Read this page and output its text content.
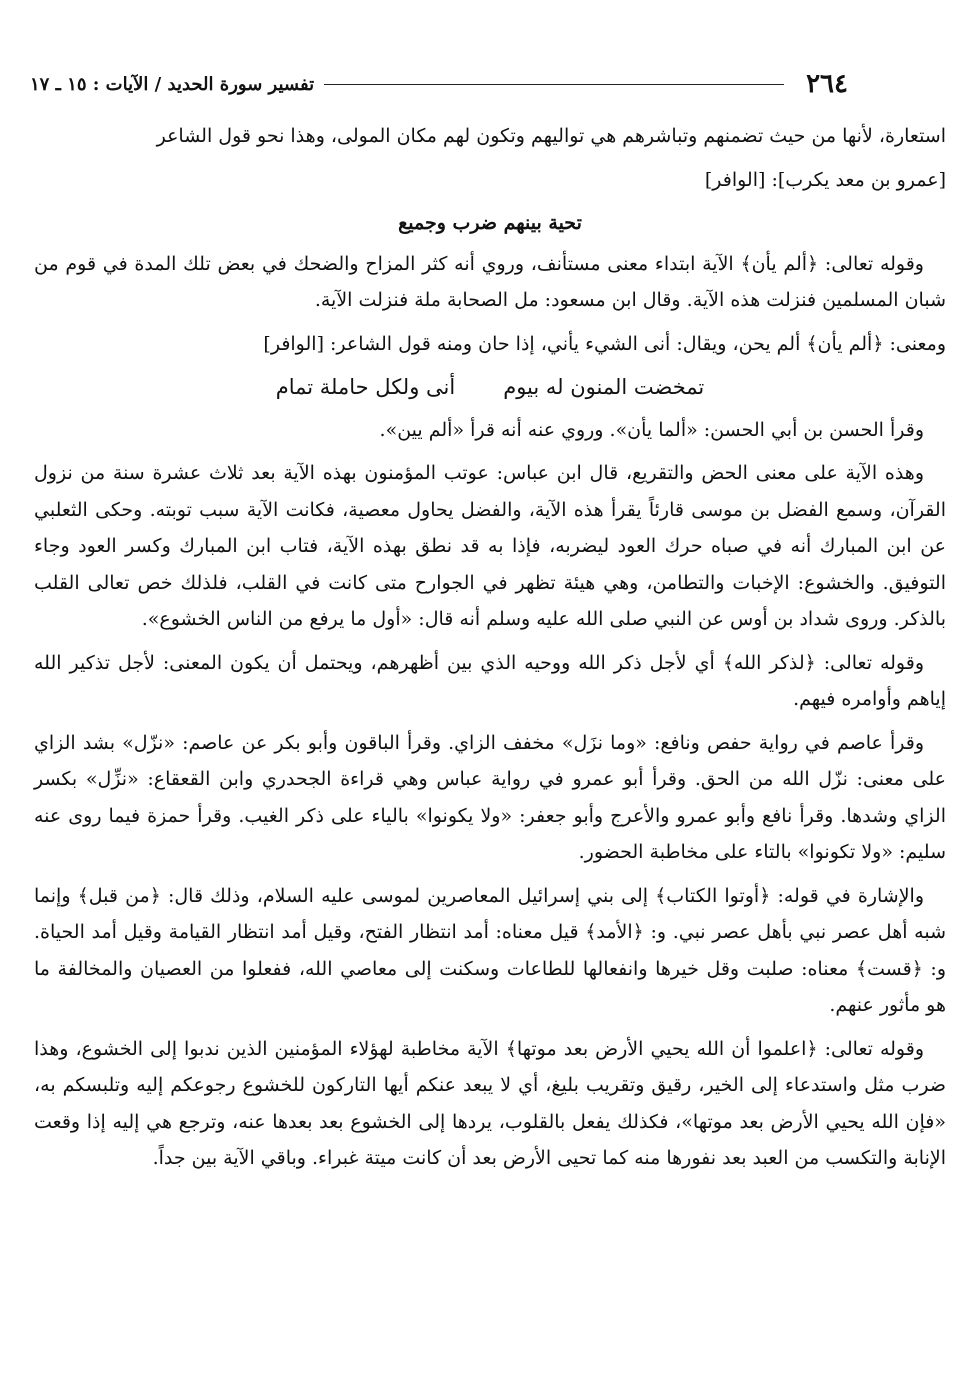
٢٦٤
تفسير سورة الحديد / الآيات : ١٥ ـ ١٧

استعارة، لأنها من حيث تضمنهم وتباشرهم هي تواليهم وتكون لهم مكان المولى، وهذا نحو قول الشاعر

[عمرو بن معد يكرب]: [الوافر]

تحية بينهم ضرب وجميع

وقوله تعالى: ﴿ألم يأن﴾ الآية ابتداء معنى مستأنف، وروي أنه كثر المزاح والضحك في بعض تلك المدة في قوم من شبان المسلمين فنزلت هذه الآية. وقال ابن مسعود: مل الصحابة ملة فنزلت الآية.

ومعنى: ﴿ألم يأن﴾ ألم يحن، ويقال: أنى الشيء يأني، إذا حان ومنه قول الشاعر: [الوافر]

تمخضت المنون له بيوم
أنى ولكل حاملة تمام

وقرأ الحسن بن أبي الحسن: «ألما يأن». وروي عنه أنه قرأ «ألم يين».

وهذه الآية على معنى الحض والتقريع، قال ابن عباس: عوتب المؤمنون بهذه الآية بعد ثلاث عشرة سنة من نزول القرآن، وسمع الفضل بن موسى قارئاً يقرأ هذه الآية، والفضل يحاول معصية، فكانت الآية سبب توبته. وحكى الثعلبي عن ابن المبارك أنه في صباه حرك العود ليضربه، فإذا به قد نطق بهذه الآية، فتاب ابن المبارك وكسر العود وجاء التوفيق. والخشوع: الإخبات والتطامن، وهي هيئة تظهر في الجوارح متى كانت في القلب، فلذلك خص تعالى القلب بالذكر. وروى شداد بن أوس عن النبي صلى الله عليه وسلم أنه قال: «أول ما يرفع من الناس الخشوع».

وقوله تعالى: ﴿لذكر الله﴾ أي لأجل ذكر الله ووحيه الذي بين أظهرهم، ويحتمل أن يكون المعنى: لأجل تذكير الله إياهم وأوامره فيهم.

وقرأ عاصم في رواية حفص ونافع: «وما نزَل» مخفف الزاي. وقرأ الباقون وأبو بكر عن عاصم: «نزّل» بشد الزاي على معنى: نزّل الله من الحق. وقرأ أبو عمرو في رواية عباس وهي قراءة الجحدري وابن القعقاع: «نزِّل» بكسر الزاي وشدها. وقرأ نافع وأبو عمرو والأعرج وأبو جعفر: «ولا يكونوا» بالياء على ذكر الغيب. وقرأ حمزة فيما روى عنه سليم: «ولا تكونوا» بالتاء على مخاطبة الحضور.

والإشارة في قوله: ﴿أوتوا الكتاب﴾ إلى بني إسرائيل المعاصرين لموسى عليه السلام، وذلك قال: ﴿من قبل﴾ وإنما شبه أهل عصر نبي بأهل عصر نبي. و: ﴿الأمد﴾ قيل معناه: أمد انتظار الفتح، وقيل أمد انتظار القيامة وقيل أمد الحياة. و: ﴿قست﴾ معناه: صلبت وقل خيرها وانفعالها للطاعات وسكنت إلى معاصي الله، ففعلوا من العصيان والمخالفة ما هو مأثور عنهم.

وقوله تعالى: ﴿اعلموا أن الله يحيي الأرض بعد موتها﴾ الآية مخاطبة لهؤلاء المؤمنين الذين ندبوا إلى الخشوع، وهذا ضرب مثل واستدعاء إلى الخير، رقيق وتقريب بليغ، أي لا يبعد عنكم أيها التاركون للخشوع رجوعكم إليه وتلبسكم به، «فإن الله يحيي الأرض بعد موتها»، فكذلك يفعل بالقلوب، يردها إلى الخشوع بعد بعدها عنه، وترجع هي إليه إذا وقعت الإنابة والتكسب من العبد بعد نفورها منه كما تحيى الأرض بعد أن كانت ميتة غبراء. وباقي الآية بين جداً.
